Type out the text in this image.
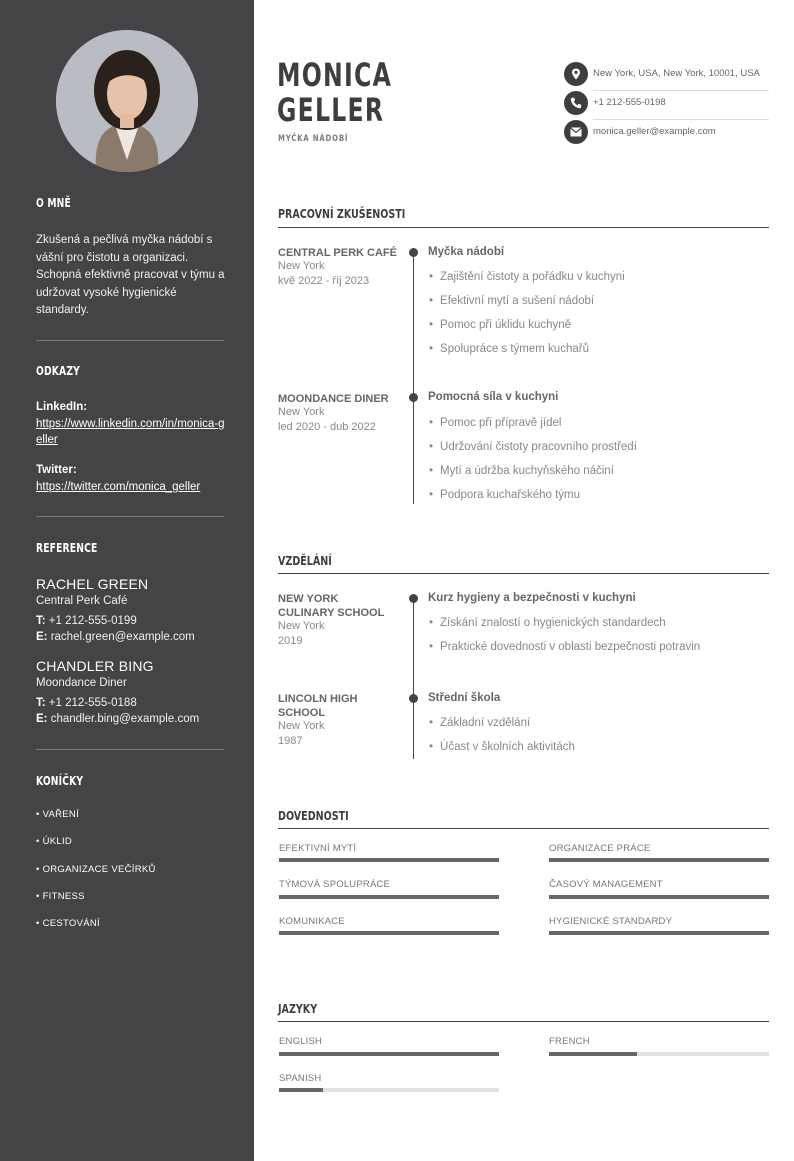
O MNĚ
Zkušená a pečlivá myčka nádobí s vášní pro čistotu a organizaci. Schopná efektivně pracovat v týmu a udržovat vysoké hygienické standardy.
ODKAZY
LinkedIn:
https://www.linkedin.com/in/monica-geller
Twitter:
https://twitter.com/monica_geller
REFERENCE
RACHEL GREEN
Central Perk Café
T: +1 212-555-0199
E: rachel.green@example.com
CHANDLER BING
Moondance Diner
T: +1 212-555-0188
E: chandler.bing@example.com
KONÍČKY
• VAŘENÍ
• ÚKLID
• ORGANIZACE VEČÍRKŮ
• FITNESS
• CESTOVÁNÍ
MONICA
GELLER
MYČKA NÁDOBÍ
New York, USA, New York, 10001, USA
+1 212-555-0198
monica.geller@example.com
PRACOVNÍ ZKUŠENOSTI
CENTRAL PERK CAFÉ
New York
kvě 2022 - říj 2023
Myčka nádobí
• Zajištění čistoty a pořádku v kuchyni
• Efektivní mytí a sušení nádobí
• Pomoc při úklidu kuchyně
• Spolupráce s týmem kuchařů
MOONDANCE DINER
New York
led 2020 - dub 2022
Pomocná síla v kuchyni
• Pomoc při přípravě jídel
• Udržování čistoty pracovního prostředí
• Mytí a údržba kuchyňského náčiní
• Podpora kuchařského týmu
VZDĚLÁNÍ
NEW YORK
CULINARY SCHOOL
New York
2019
Kurz hygieny a bezpečnosti v kuchyni
• Získání znalostí o hygienických standardech
• Praktické dovednosti v oblasti bezpečnosti potravin
LINCOLN HIGH
SCHOOL
New York
1987
Střední škola
• Základní vzdělání
• Účast v školních aktivitách
DOVEDNOSTI
EFEKTIVNÍ MYTÍ	ORGANIZACE PRÁCE
TÝMOVÁ SPOLUPRÁCE	ČASOVÝ MANAGEMENT
KOMUNIKACE	HYGIENICKÉ STANDARDY
JAZYKY
ENGLISH	FRENCH
SPANISH
